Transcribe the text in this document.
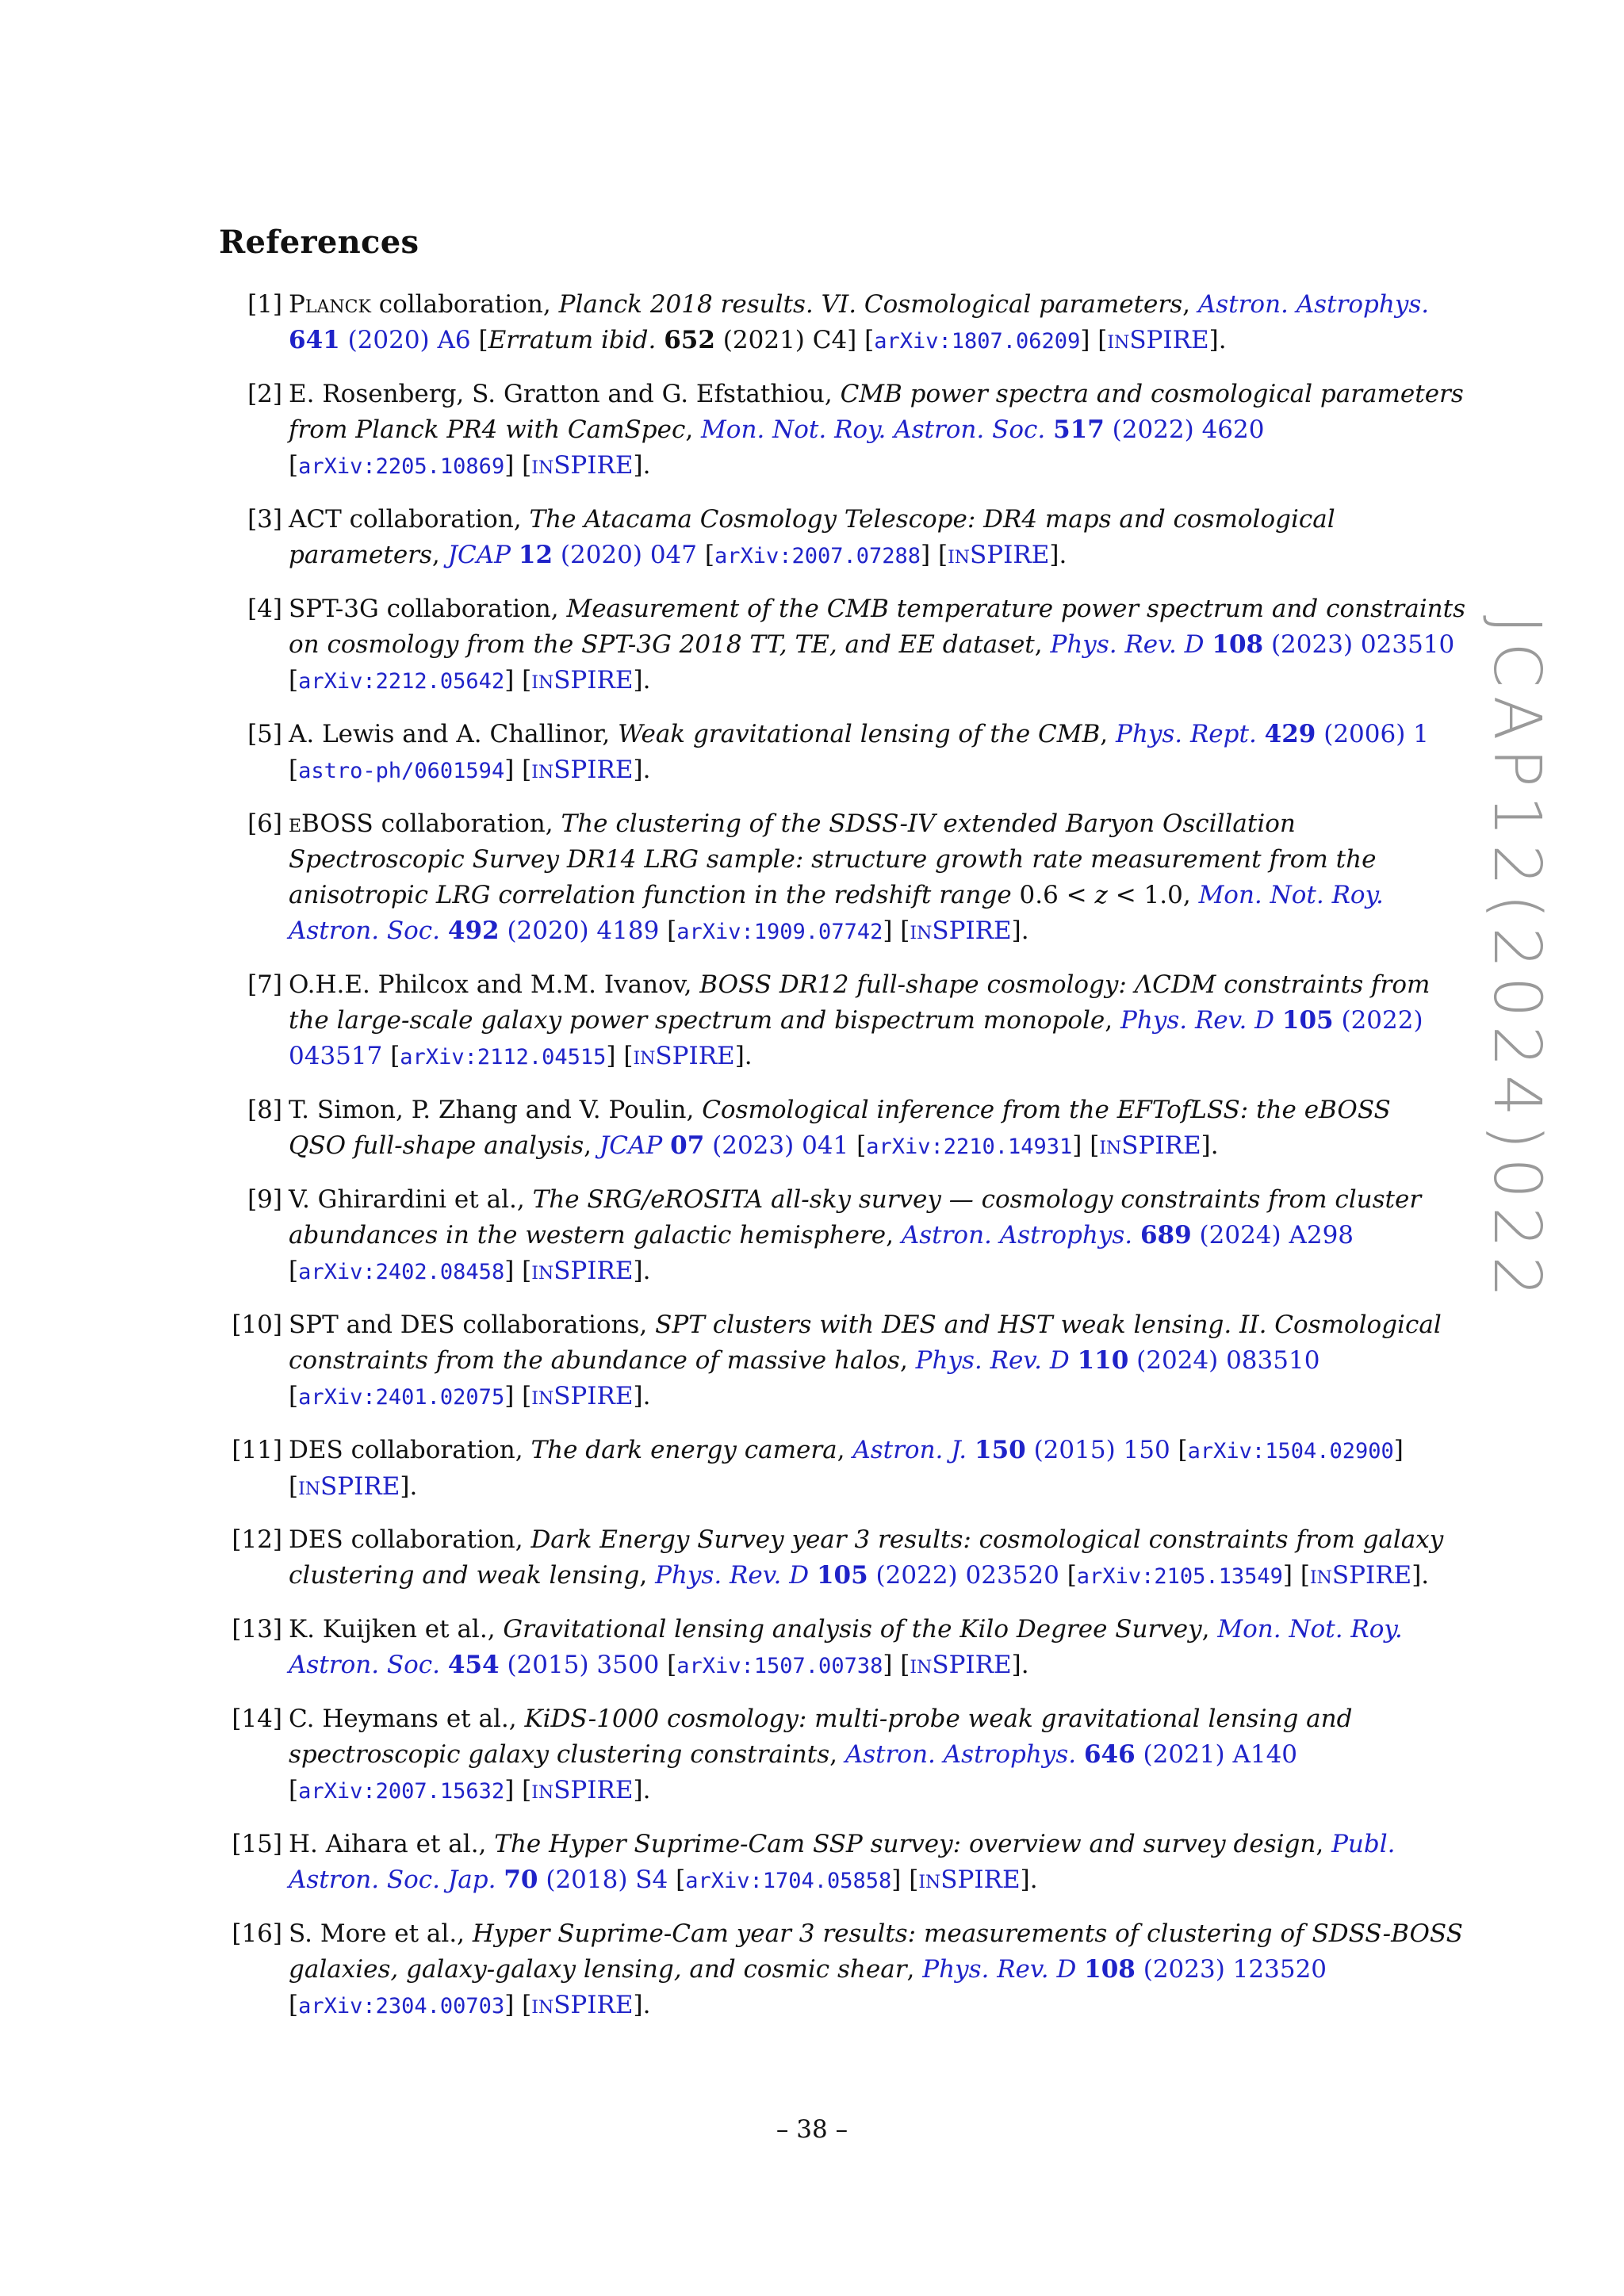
References
[1] Planck collaboration, Planck 2018 results. VI. Cosmological parameters, Astron. Astrophys.
641 (2020) A6 [Erratum ibid. 652 (2021) C4] [arXiv:1807.06209] [inSPIRE].
[2] E. Rosenberg, S. Gratton and G. Efstathiou, CMB power spectra and cosmological parameters
from Planck PR4 with CamSpec, Mon. Not. Roy. Astron. Soc. 517 (2022) 4620
[arXiv:2205.10869] [inSPIRE].
[3] ACT collaboration, The Atacama Cosmology Telescope: DR4 maps and cosmological
parameters, JCAP 12 (2020) 047 [arXiv:2007.07288] [inSPIRE].
[4] SPT-3G collaboration, Measurement of the CMB temperature power spectrum and constraints
on cosmology from the SPT-3G 2018 TT, TE, and EE dataset, Phys. Rev. D 108 (2023) 023510
[arXiv:2212.05642] [inSPIRE].
[5] A. Lewis and A. Challinor, Weak gravitational lensing of the CMB, Phys. Rept. 429 (2006) 1
[astro-ph/0601594] [inSPIRE].
[6] eBOSS collaboration, The clustering of the SDSS-IV extended Baryon Oscillation
Spectroscopic Survey DR14 LRG sample: structure growth rate measurement from the
anisotropic LRG correlation function in the redshift range 0.6 < z < 1.0, Mon. Not. Roy.
Astron. Soc. 492 (2020) 4189 [arXiv:1909.07742] [inSPIRE].
[7] O.H.E. Philcox and M.M. Ivanov, BOSS DR12 full-shape cosmology: ΛCDM constraints from
the large-scale galaxy power spectrum and bispectrum monopole, Phys. Rev. D 105 (2022)
043517 [arXiv:2112.04515] [inSPIRE].
[8] T. Simon, P. Zhang and V. Poulin, Cosmological inference from the EFTofLSS: the eBOSS
QSO full-shape analysis, JCAP 07 (2023) 041 [arXiv:2210.14931] [inSPIRE].
[9] V. Ghirardini et al., The SRG/eROSITA all-sky survey — cosmology constraints from cluster
abundances in the western galactic hemisphere, Astron. Astrophys. 689 (2024) A298
[arXiv:2402.08458] [inSPIRE].
[10] SPT and DES collaborations, SPT clusters with DES and HST weak lensing. II. Cosmological
constraints from the abundance of massive halos, Phys. Rev. D 110 (2024) 083510
[arXiv:2401.02075] [inSPIRE].
[11] DES collaboration, The dark energy camera, Astron. J. 150 (2015) 150 [arXiv:1504.02900]
[inSPIRE].
[12] DES collaboration, Dark Energy Survey year 3 results: cosmological constraints from galaxy
clustering and weak lensing, Phys. Rev. D 105 (2022) 023520 [arXiv:2105.13549] [inSPIRE].
[13] K. Kuijken et al., Gravitational lensing analysis of the Kilo Degree Survey, Mon. Not. Roy.
Astron. Soc. 454 (2015) 3500 [arXiv:1507.00738] [inSPIRE].
[14] C. Heymans et al., KiDS-1000 cosmology: multi-probe weak gravitational lensing and
spectroscopic galaxy clustering constraints, Astron. Astrophys. 646 (2021) A140
[arXiv:2007.15632] [inSPIRE].
[15] H. Aihara et al., The Hyper Suprime-Cam SSP survey: overview and survey design, Publ.
Astron. Soc. Jap. 70 (2018) S4 [arXiv:1704.05858] [inSPIRE].
[16] S. More et al., Hyper Suprime-Cam year 3 results: measurements of clustering of SDSS-BOSS
galaxies, galaxy-galaxy lensing, and cosmic shear, Phys. Rev. D 108 (2023) 123520
[arXiv:2304.00703] [inSPIRE].
JCAP12(2024)022
– 38 –
